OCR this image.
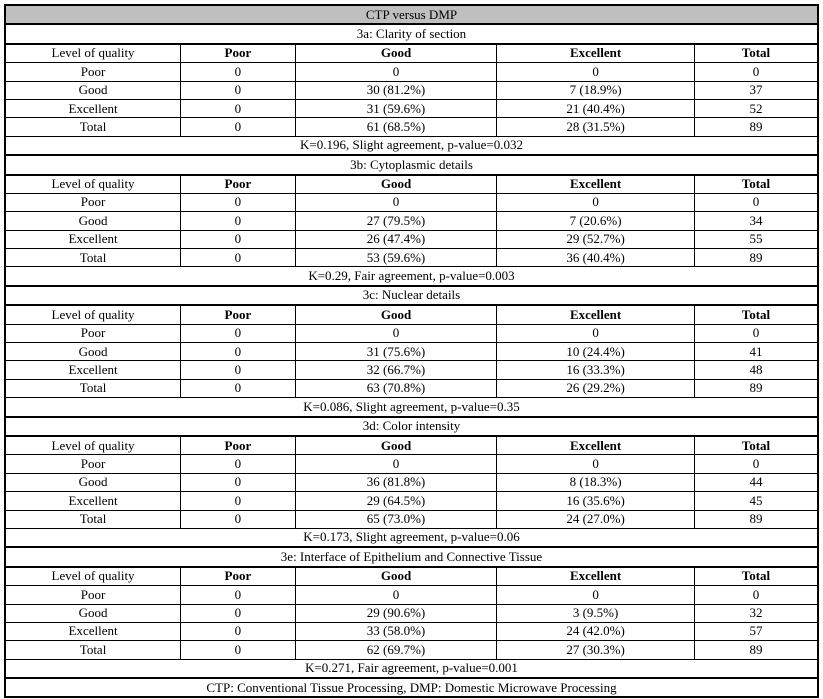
CTP versus DMP				
3a: Clarity of section				
Level of quality	Poor	Good	Excellent	Total
Poor	0	0	0	0
Good	0	30 (81.2%)	7 (18.9%)	37
Excellent	0	31 (59.6%)	21 (40.4%)	52
Total	0	61 (68.5%)	28 (31.5%)	89
K=0.196, Slight agreement, p-value=0.032				
3b: Cytoplasmic details				
Level of quality	Poor	Good	Excellent	Total
Poor	0	0	0	0
Good	0	27 (79.5%)	7 (20.6%)	34
Excellent	0	26 (47.4%)	29 (52.7%)	55
Total	0	53 (59.6%)	36 (40.4%)	89
K=0.29, Fair agreement, p-value=0.003				
3c: Nuclear details				
Level of quality	Poor	Good	Excellent	Total
Poor	0	0	0	0
Good	0	31 (75.6%)	10 (24.4%)	41
Excellent	0	32 (66.7%)	16 (33.3%)	48
Total	0	63 (70.8%)	26 (29.2%)	89
K=0.086, Slight agreement, p-value=0.35				
3d: Color intensity				
Level of quality	Poor	Good	Excellent	Total
Poor	0	0	0	0
Good	0	36 (81.8%)	8 (18.3%)	44
Excellent	0	29 (64.5%)	16 (35.6%)	45
Total	0	65 (73.0%)	24 (27.0%)	89
K=0.173, Slight agreement, p-value=0.06				
3e: Interface of Epithelium and Connective Tissue				
Level of quality	Poor	Good	Excellent	Total
Poor	0	0	0	0
Good	0	29 (90.6%)	3 (9.5%)	32
Excellent	0	33 (58.0%)	24 (42.0%)	57
Total	0	62 (69.7%)	27 (30.3%)	89
K=0.271, Fair agreement, p-value=0.001				
CTP: Conventional Tissue Processing, DMP: Domestic Microwave Processing				
